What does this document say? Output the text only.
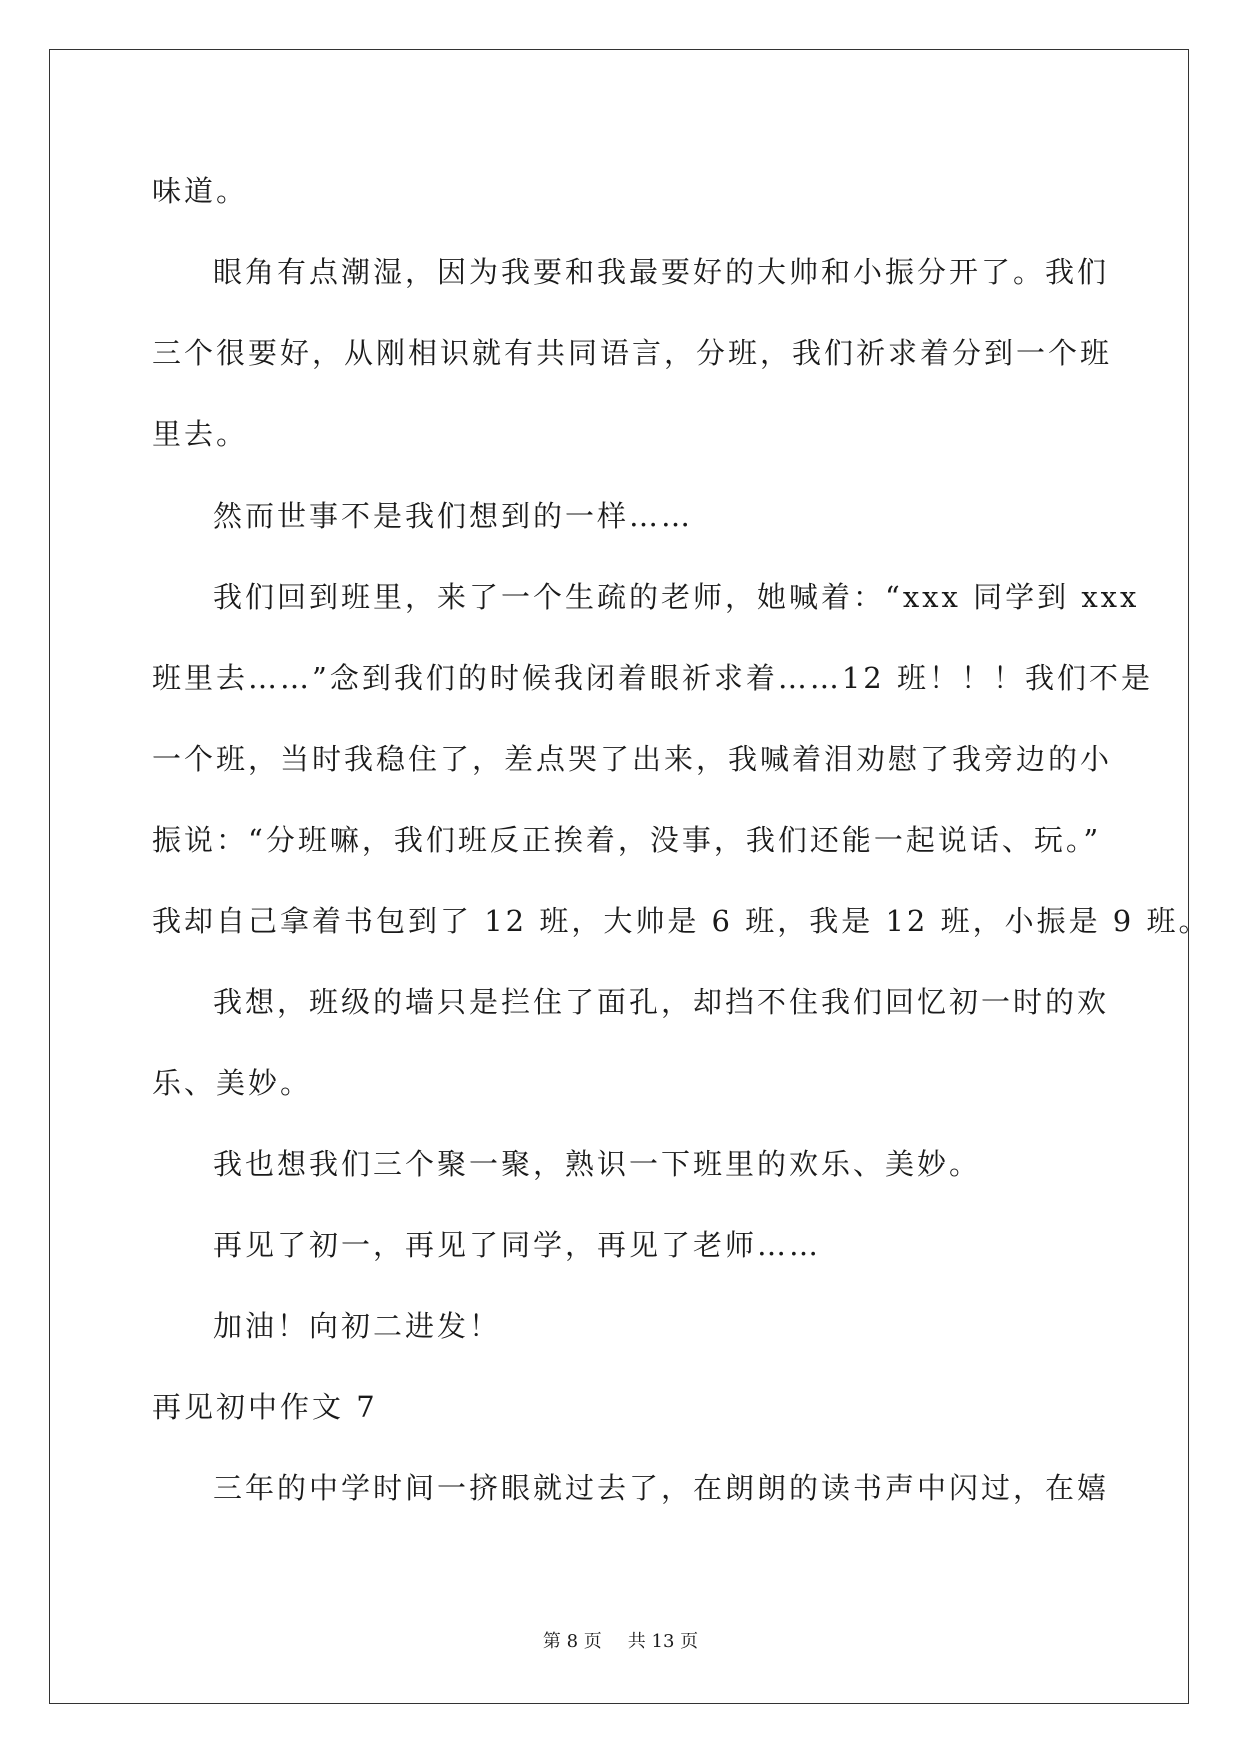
味道。
眼角有点潮湿，因为我要和我最要好的大帅和小振分开了。我们
三个很要好，从刚相识就有共同语言，分班，我们祈求着分到一个班
里去。
然而世事不是我们想到的一样……
我们回到班里，来了一个生疏的老师，她喊着：“xxx 同学到 xxx
班里去……”念到我们的时候我闭着眼祈求着……12 班！！！我们不是
一个班，当时我稳住了，差点哭了出来，我喊着泪劝慰了我旁边的小
振说：“分班嘛，我们班反正挨着，没事，我们还能一起说话、玩。”
我却自己拿着书包到了 12 班，大帅是 6 班，我是 12 班，小振是 9 班。
我想，班级的墙只是拦住了面孔，却挡不住我们回忆初一时的欢
乐、美妙。
我也想我们三个聚一聚，熟识一下班里的欢乐、美妙。
再见了初一，再见了同学，再见了老师……
加油！向初二进发！
再见初中作文 7
三年的中学时间一挤眼就过去了，在朗朗的读书声中闪过，在嬉
第 8 页 共 13 页
